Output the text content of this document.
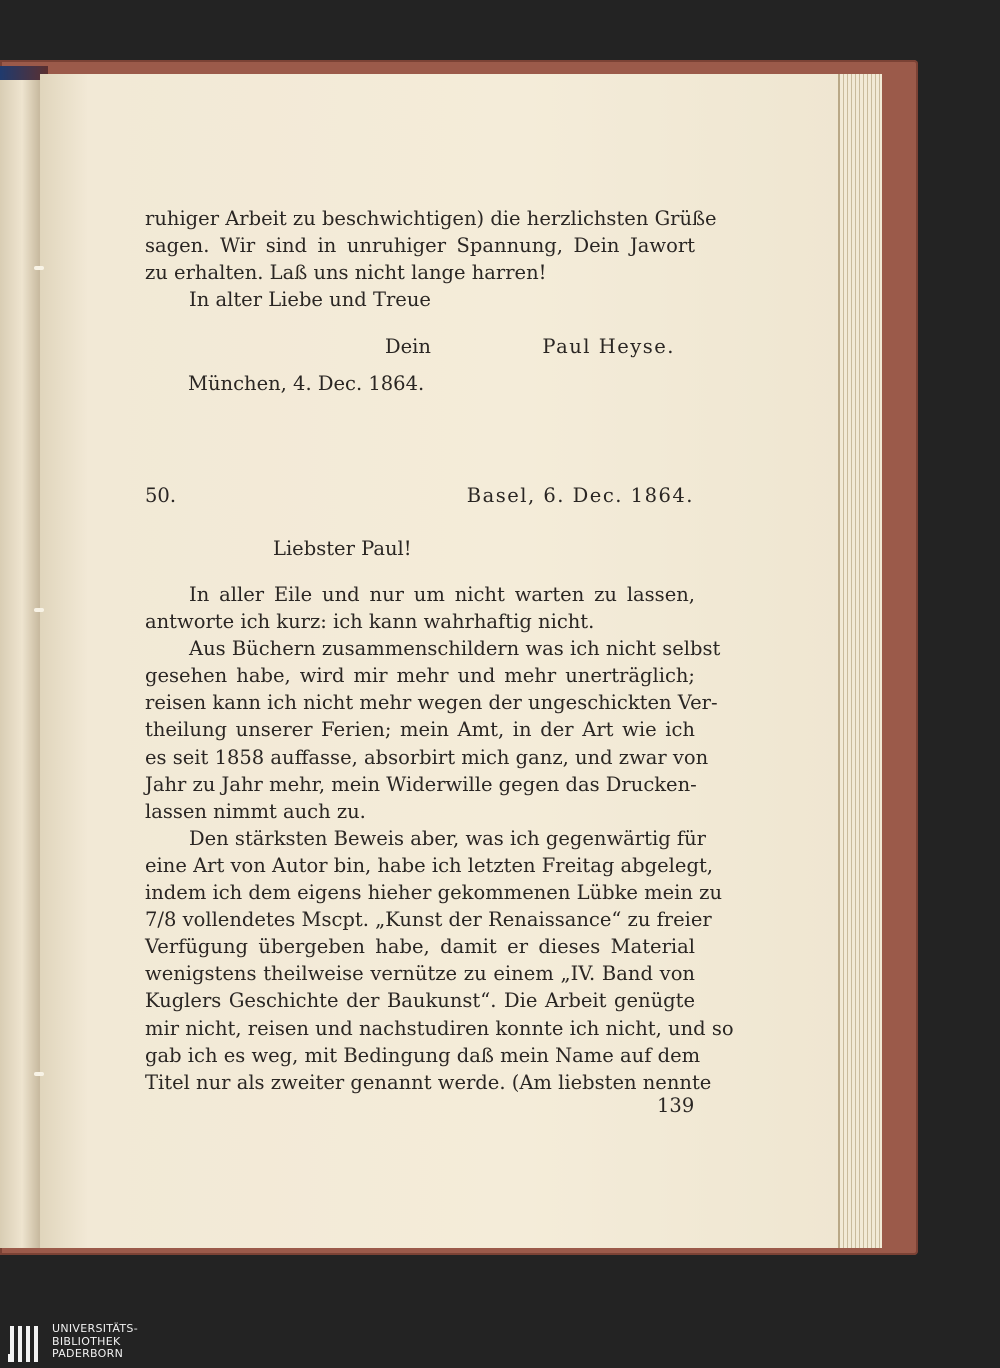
ruhiger Arbeit zu beschwichtigen) die herzlichsten Grüße
sagen. Wir sind in unruhiger Spannung, Dein Jawort
zu erhalten. Laß uns nicht lange harren!
In alter Liebe und Treue
Dein	Paul Heyse.
München, 4. Dec. 1864.
50.	Basel, 6. Dec. 1864.
Liebster Paul!
In aller Eile und nur um nicht warten zu lassen,
antworte ich kurz: ich kann wahrhaftig nicht.
Aus Büchern zusammenschildern was ich nicht selbst
gesehen habe, wird mir mehr und mehr unerträglich;
reisen kann ich nicht mehr wegen der ungeschickten Ver-
theilung unserer Ferien; mein Amt, in der Art wie ich
es seit 1858 auffasse, absorbirt mich ganz, und zwar von
Jahr zu Jahr mehr, mein Widerwille gegen das Drucken-
lassen nimmt auch zu.
Den stärksten Beweis aber, was ich gegenwärtig für
eine Art von Autor bin, habe ich letzten Freitag abgelegt,
indem ich dem eigens hieher gekommenen Lübke mein zu
7/8 vollendetes Mscpt. „Kunst der Renaissance“ zu freier
Verfügung übergeben habe, damit er dieses Material
wenigstens theilweise vernütze zu einem „IV. Band von
Kuglers Geschichte der Baukunst“. Die Arbeit genügte
mir nicht, reisen und nachstudiren konnte ich nicht, und so
gab ich es weg, mit Bedingung daß mein Name auf dem
Titel nur als zweiter genannt werde. (Am liebsten nennte
139
UNIVERSITÄTS-
BIBLIOTHEK
PADERBORN
